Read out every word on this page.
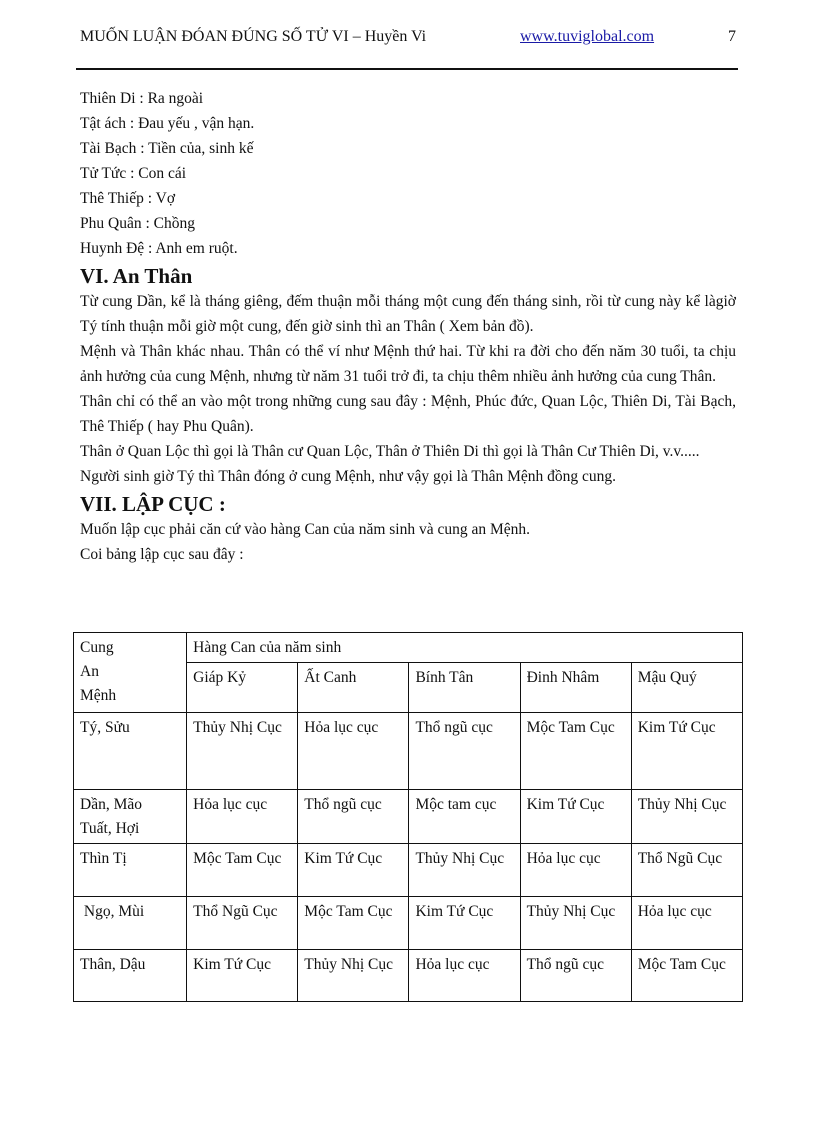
MUỐN LUẬN ĐÓAN ĐÚNG SỐ TỬ VI – Huyền Vi	www.tuviglobal.com	7

Thiên Di : Ra ngoài

Tật ách : Đau yếu , vận hạn.

Tài Bạch : Tiền của, sinh kế

Tử Tức : Con cái

Thê Thiếp : Vợ

Phu Quân : Chồng

Huynh Đệ : Anh em ruột.

VI. An Thân

Từ cung Dần, kể là tháng giêng, đếm thuận mỗi tháng một cung đến tháng sinh, rồi từ cung này kể làgiờ Tý tính thuận mỗi giờ một cung, đến giờ sinh thì an Thân ( Xem bản đồ).

Mệnh và Thân khác nhau. Thân có thể ví như Mệnh thứ hai. Từ khi ra đời cho đến năm 30 tuổi, ta chịu ảnh hưởng của cung Mệnh, nhưng từ năm 31 tuổi trở đi, ta chịu thêm nhiều ảnh hưởng của cung Thân.

Thân chỉ có thể an vào một trong những cung sau đây : Mệnh, Phúc đức, Quan Lộc, Thiên Di, Tài Bạch, Thê Thiếp ( hay Phu Quân).

Thân ở Quan Lộc thì gọi là Thân cư Quan Lộc, Thân ở Thiên Di thì gọi là Thân Cư Thiên Di, v.v.....

Người sinh giờ Tý thì Thân đóng ở cung Mệnh, như vậy gọi là Thân Mệnh đồng cung.

VII. LẬP CỤC :

Muốn lập cục phải căn cứ vào hàng Can của năm sinh và cung an Mệnh.

Coi bảng lập cục sau đây :

Cung
An
Mệnh	Hàng Can của năm sinh				
	Giáp Kỷ	Ất Canh	Bính Tân	Đinh Nhâm	Mậu Quý

Tý, Sửu	Thủy Nhị Cục	Hỏa lục cục	Thổ ngũ cục	Mộc Tam Cục	Kim Tứ Cục

Dần, Mão
Tuất, Hợi	Hỏa lục cục	Thổ ngũ cục	Mộc tam cục	Kim Tứ Cục	Thủy Nhị Cục

Thìn Tị	Mộc Tam Cục	Kim Tứ Cục	Thủy Nhị Cục	Hỏa lục cục	Thổ Ngũ Cục

Ngọ, Mùi	Thổ Ngũ Cục	Mộc Tam Cục	Kim Tứ Cục	Thủy Nhị Cục	Hỏa lục cục

Thân, Dậu	Kim Tứ Cục	Thủy Nhị Cục	Hỏa lục cục	Thổ ngũ cục	Mộc Tam Cục
